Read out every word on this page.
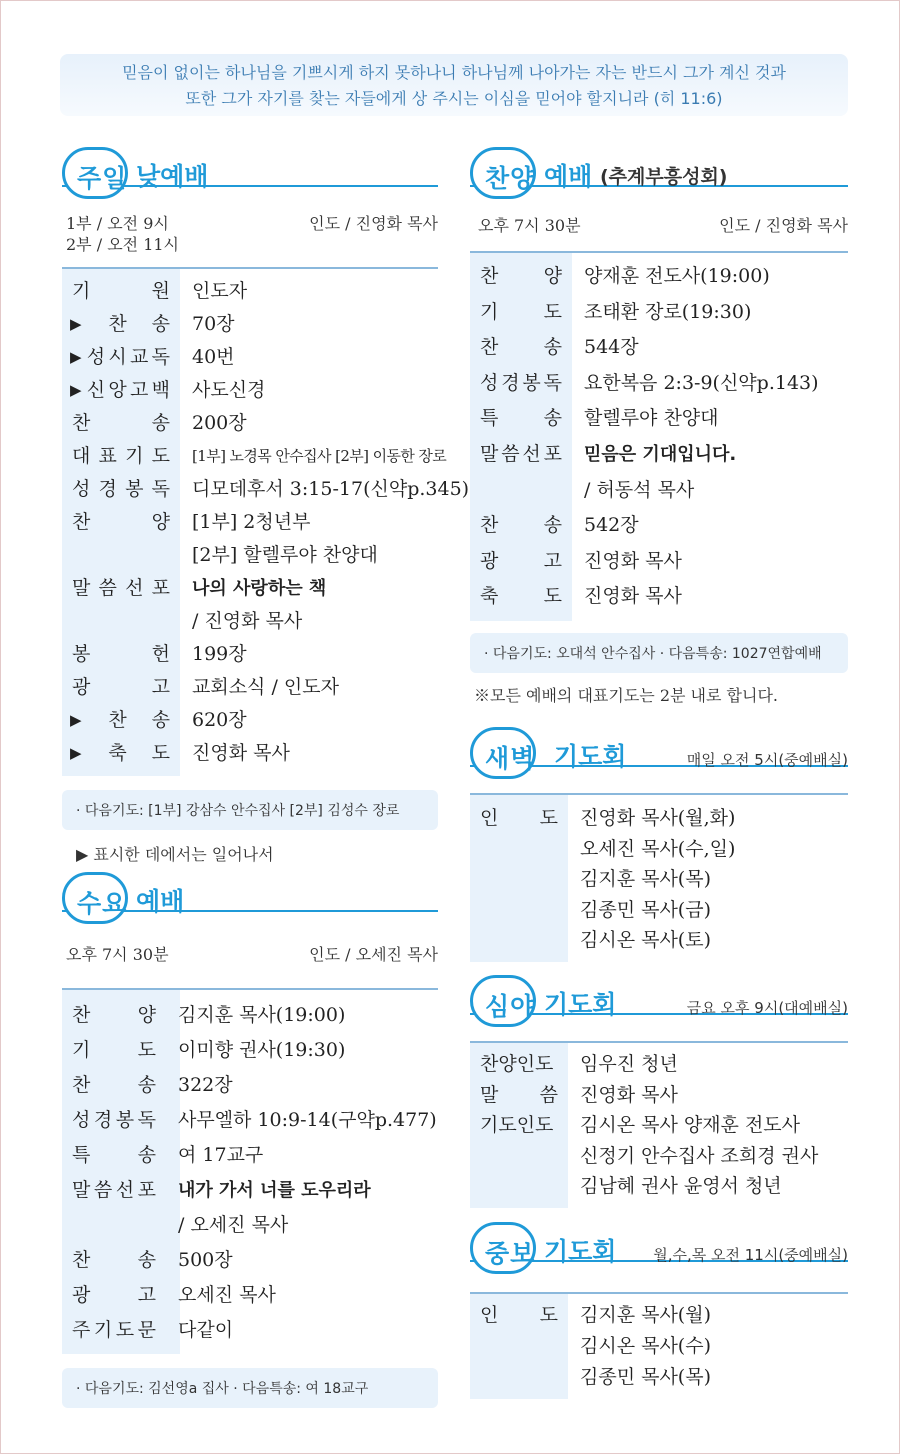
믿음이 없이는 하나님을 기쁘시게 하지 못하나니 하나님께 나아가는 자는 반드시 그가 계신 것과
또한 그가 자기를 찾는 자들에게 상 주시는 이심을 믿어야 할지니라 (히 11:6)
주일 낮예배
1부 / 오전 9시
2부 / 오전 11시
인도 / 진영화 목사
기	원	인도자
▶ 찬 송	70장
▶ 성 시 교 독	40번
▶ 신 앙 고 백	사도신경
찬	송	200장
대 표 기 도	[1부] 노경목 안수집사 [2부] 이동한 장로
성 경 봉 독	디모데후서 3:15-17(신약p.345)
찬	양	[1부] 2청년부
[2부] 할렐루야 찬양대
말 씀 선 포	나의 사랑하는 책
/ 진영화 목사
봉	헌	199장
광	고	교회소식 / 인도자
▶ 찬 송	620장
▶ 축 도	진영화 목사
· 다음기도: [1부] 강삼수 안수집사 [2부] 김성수 장로
▶ 표시한 데에서는 일어나서
수요 예배
오후 7시 30분	인도 / 오세진 목사
찬 양	김지훈 목사(19:00)
기 도	이미향 권사(19:30)
찬 송	322장
성 경 봉 독	사무엘하 10:9-14(구약p.477)
특 송	여 17교구
말 씀 선 포	내가 가서 너를 도우리라
/ 오세진 목사
찬 송	500장
광 고	오세진 목사
주 기 도 문	다같이
· 다음기도: 김선영a 집사 · 다음특송: 여 18교구
찬양 예배 (추계부흥성회)
오후 7시 30분	인도 / 진영화 목사
찬 양	양재훈 전도사(19:00)
기 도	조태환 장로(19:30)
찬 송	544장
성 경 봉 독	요한복음 2:3-9(신약p.143)
특 송	할렐루야 찬양대
말 씀 선 포	믿음은 기대입니다.
/ 허동석 목사
찬 송	542장
광 고	진영화 목사
축 도	진영화 목사
· 다음기도: 오대석 안수집사 · 다음특송: 1027연합예배
※모든 예배의 대표기도는 2분 내로 합니다.
새벽 기도회	매일 오전 5시(중예배실)
인 도	진영화 목사(월,화)
오세진 목사(수,일)
김지훈 목사(목)
김종민 목사(금)
김시온 목사(토)
심야 기도회	금요 오후 9시(대예배실)
찬양인도	임우진 청년
말 씀	진영화 목사
기도인도	김시온 목사 양재훈 전도사
신정기 안수집사 조희경 권사
김남혜 권사 윤영서 청년
중보 기도회 월,수,목 오전 11시(중예배실)
인 도	김지훈 목사(월)
김시온 목사(수)
김종민 목사(목)
